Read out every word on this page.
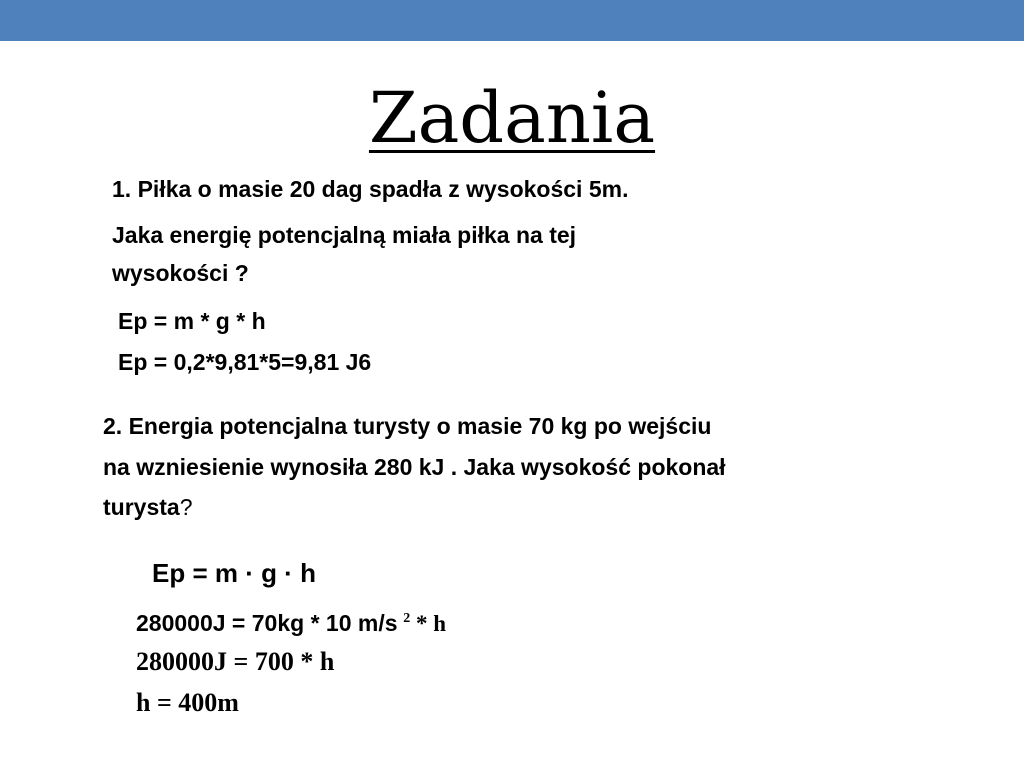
Zadania
1. Piłka o masie 20 dag spadła z wysokości 5m.
Jaka energię potencjalną miała piłka na tej
wysokości ?
Ep = m * g * h
Ep = 0,2*9,81*5=9,81 J6
2. Energia potencjalna turysty o masie 70 kg po wejściu
na wzniesienie wynosiła 280 kJ . Jaka wysokość pokonał
turysta?
Ep = m · g · h
280000J = 70kg * 10 m/s $^2$ * h
280000J = 700 * h
h = 400m
